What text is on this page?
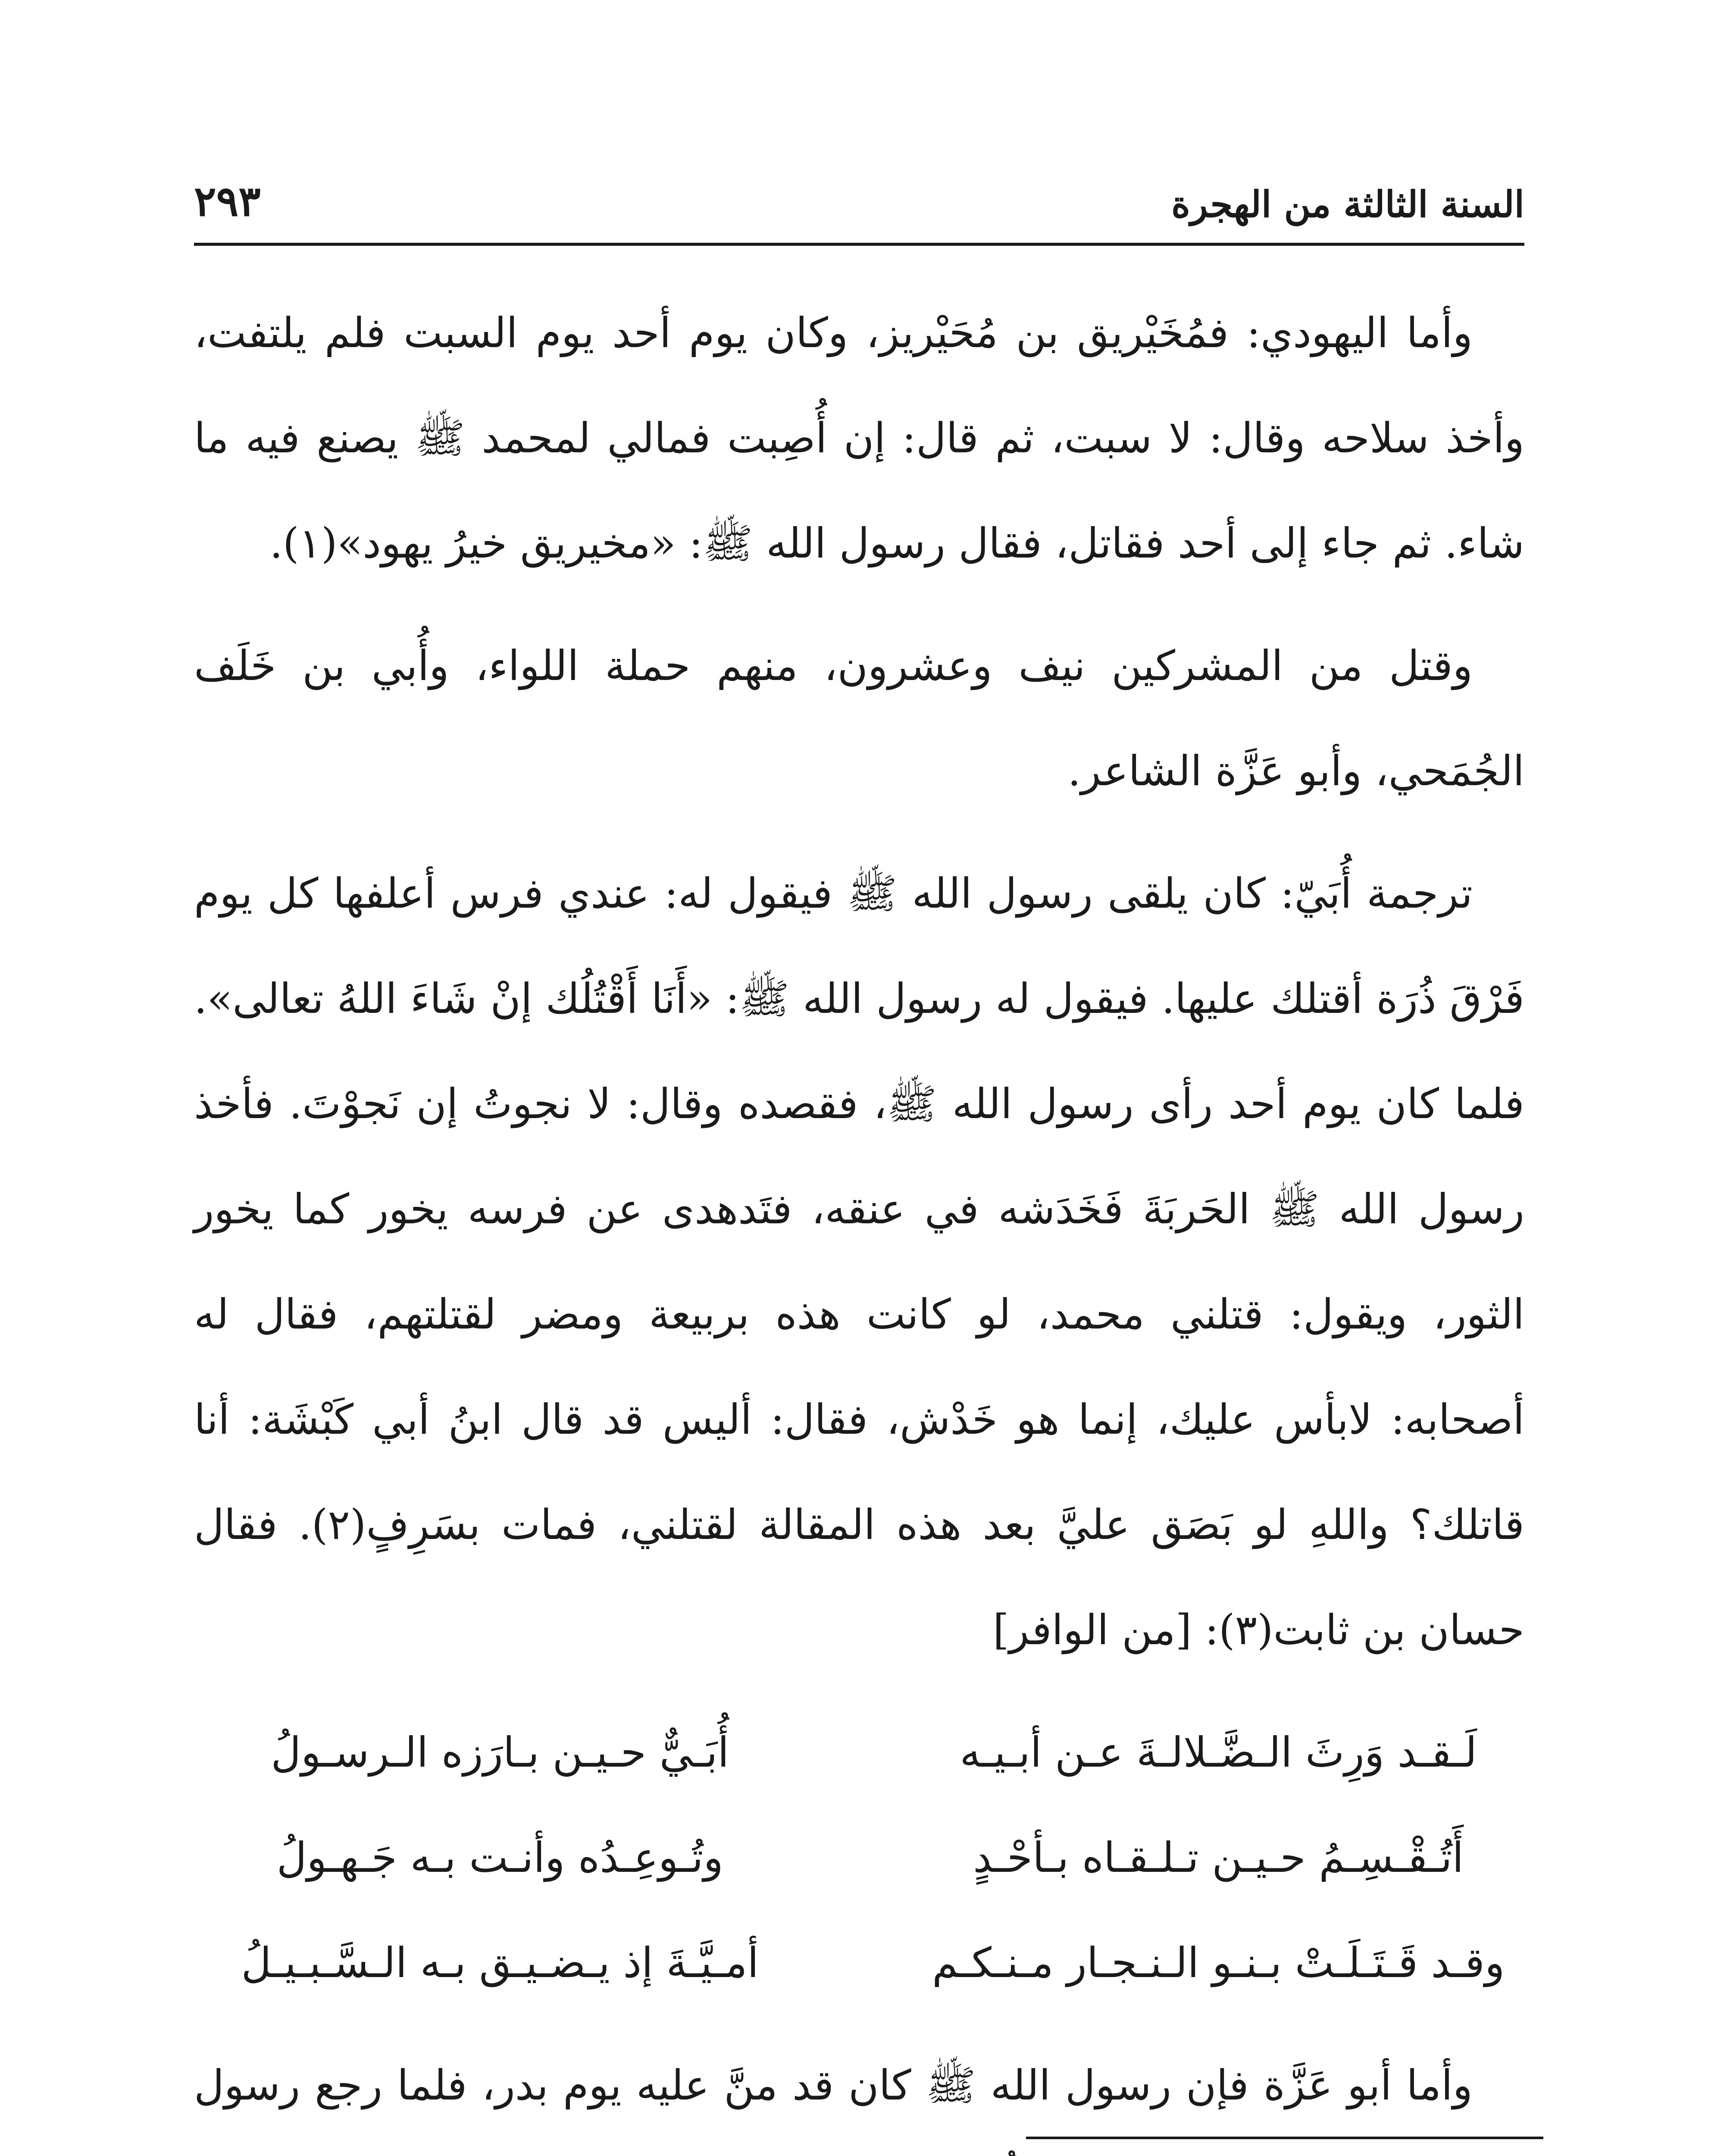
السنة الثالثة من الهجرة
٢٩٣

وأما اليهودي: فمُخَيْريق بن مُحَيْريز، وكان يوم أحد يوم السبت فلم يلتفت، وأخذ سلاحه وقال: لا سبت، ثم قال: إن أُصِبت فمالي لمحمد ﷺ يصنع فيه ما شاء. ثم جاء إلى أحد فقاتل، فقال رسول الله ﷺ: «مخيريق خيرُ يهود»(١).

وقتل من المشركين نيف وعشرون، منهم حملة اللواء، وأُبي بن خَلَف الجُمَحي، وأبو عَزَّة الشاعر.

ترجمة أُبَيّ: كان يلقى رسول الله ﷺ فيقول له: عندي فرس أعلفها كل يوم فَرْقَ ذُرَة أقتلك عليها. فيقول له رسول الله ﷺ: «أَنَا أَقْتُلُك إنْ شَاءَ اللهُ تعالى». فلما كان يوم أحد رأى رسول الله ﷺ، فقصده وقال: لا نجوتُ إن نَجوْتَ. فأخذ رسول الله ﷺ الحَربَةَ فَخَدَشه في عنقه، فتَدهدى عن فرسه يخور كما يخور الثور، ويقول: قتلني محمد، لو كانت هذه بربيعة ومضر لقتلتهم، فقال له أصحابه: لابأس عليك، إنما هو خَدْش، فقال: أليس قد قال ابنُ أبي كَبْشَة: أنا قاتلك؟ واللهِ لو بَصَق عليَّ بعد هذه المقالة لقتلني، فمات بسَرِفٍ(٢). فقال حسان بن ثابت(٣): [من الوافر]

لَـقـد وَرِثَ الـضَّـلالـةَ عـن أبـيـه
أُبَـيٌّ حـيـن بـارَزه الـرسـولُ
أَتُـقْـسِـمُ حـيـن تـلـقـاه بـأحْـدٍ
وتُـوعِـدُه وأنـت بـه جَـهـولُ
وقـد قَـتَـلَـتْ بـنـو الـنـجـار مـنـكـم
أمـيَّـةَ إذ يـضـيـق بـه الـسَّـبـيـلُ

وأما أبو عَزَّة فإن رسول الله ﷺ كان قد منَّ عليه يوم بدر، فلما رجع رسول
